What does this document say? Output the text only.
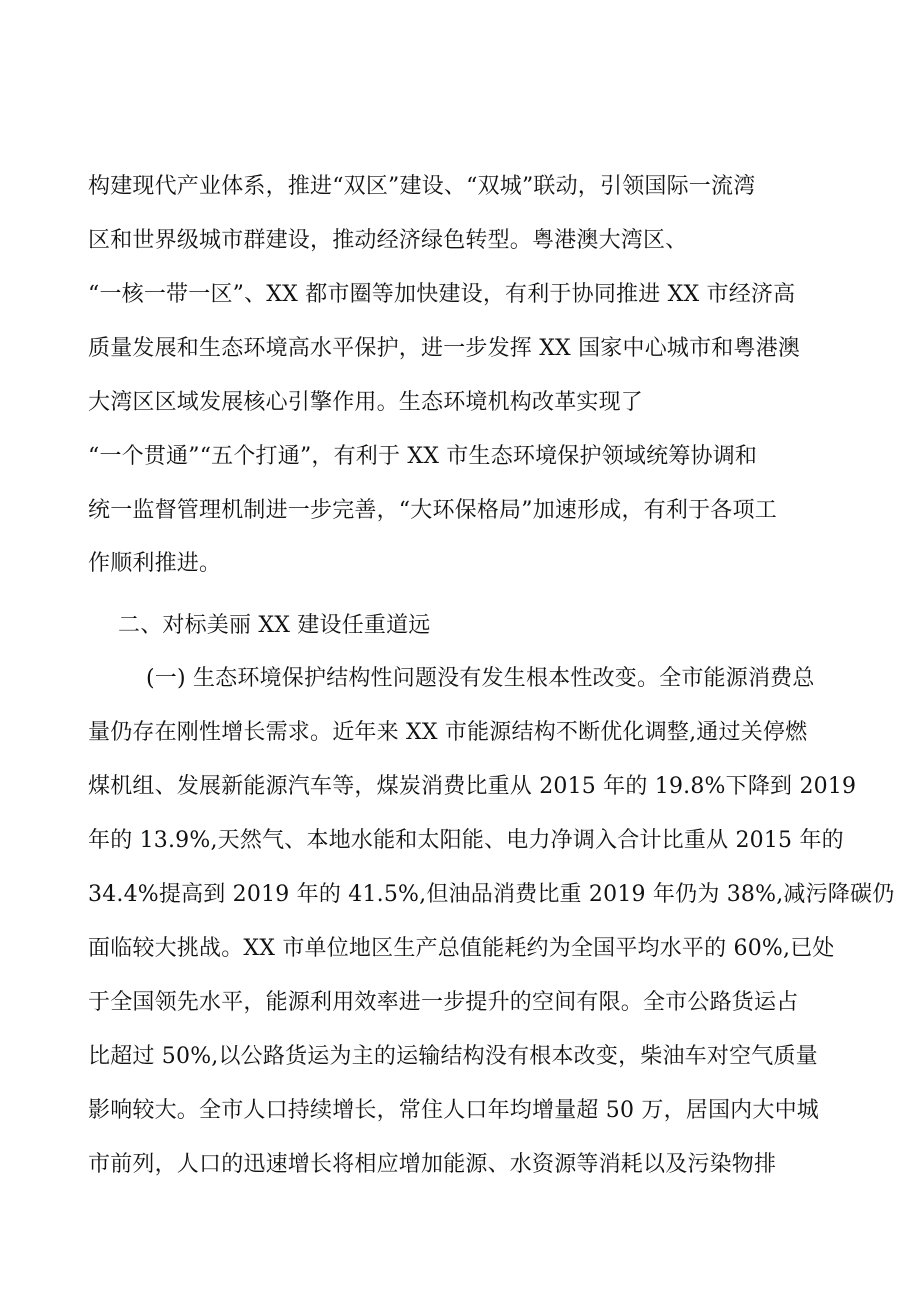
构建现代产业体系，推进“双区”建设、“双城”联动，引领国际一流湾
区和世界级城市群建设，推动经济绿色转型。粤港澳大湾区、
“一核一带一区”、XX 都市圈等加快建设，有利于协同推进 XX 市经济高
质量发展和生态环境高水平保护，进一步发挥 XX 国家中心城市和粤港澳
大湾区区域发展核心引擎作用。生态环境机构改革实现了
“一个贯通”“五个打通”，有利于 XX 市生态环境保护领域统筹协调和
统一监督管理机制进一步完善，“大环保格局”加速形成，有利于各项工
作顺利推进。
二、对标美丽 XX 建设任重道远
(一) 生态环境保护结构性问题没有发生根本性改变。全市能源消费总
量仍存在刚性增长需求。近年来 XX 市能源结构不断优化调整,通过关停燃
煤机组、发展新能源汽车等，煤炭消费比重从 2015 年的 19.8%下降到 2019
年的 13.9%,天然气、本地水能和太阳能、电力净调入合计比重从 2015 年的
34.4%提高到 2019 年的 41.5%,但油品消费比重 2019 年仍为 38%,减污降碳仍
面临较大挑战。XX 市单位地区生产总值能耗约为全国平均水平的 60%,已处
于全国领先水平，能源利用效率进一步提升的空间有限。全市公路货运占
比超过 50%,以公路货运为主的运输结构没有根本改变，柴油车对空气质量
影响较大。全市人口持续增长，常住人口年均增量超 50 万，居国内大中城
市前列，人口的迅速增长将相应增加能源、水资源等消耗以及污染物排
